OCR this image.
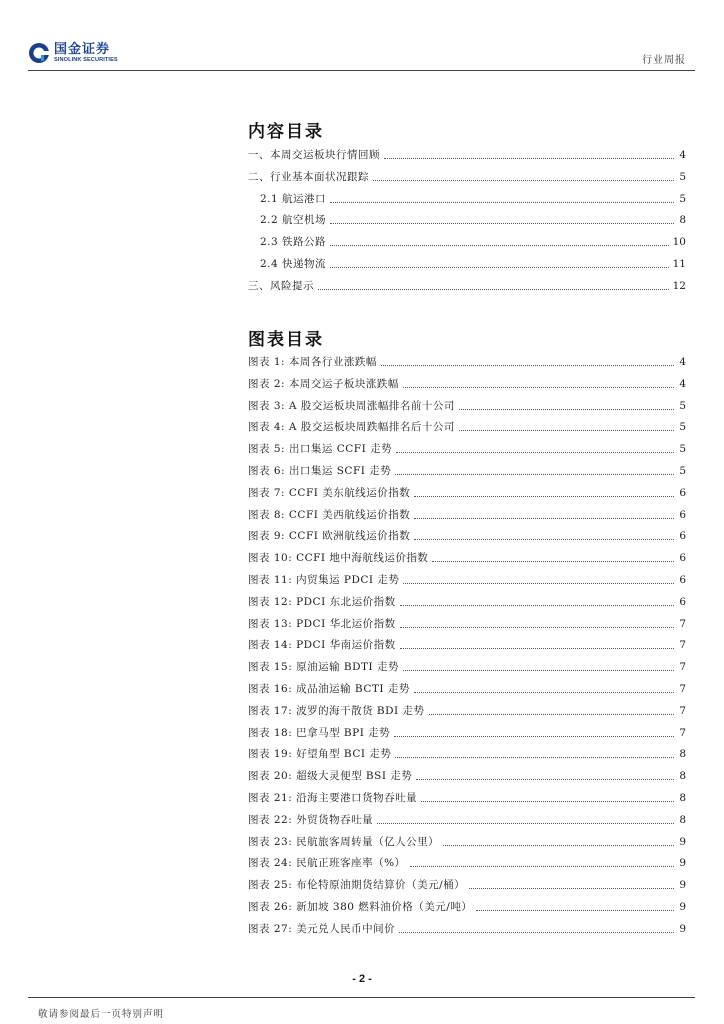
国金证券
SINOLINK SECURITIES	行业周报
内容目录
一、本周交运板块行情回顾	4
二、行业基本面状况跟踪	5
2.1 航运港口	5
2.2 航空机场	8
2.3 铁路公路	10
2.4 快递物流	11
三、风险提示	12
图表目录
图表 1: 本周各行业涨跌幅	4
图表 2: 本周交运子板块涨跌幅	4
图表 3: A 股交运板块周涨幅排名前十公司	5
图表 4: A 股交运板块周跌幅排名后十公司	5
图表 5: 出口集运 CCFI 走势	5
图表 6: 出口集运 SCFI 走势	5
图表 7: CCFI 美东航线运价指数	6
图表 8: CCFI 美西航线运价指数	6
图表 9: CCFI 欧洲航线运价指数	6
图表 10: CCFI 地中海航线运价指数	6
图表 11: 内贸集运 PDCI 走势	6
图表 12: PDCI 东北运价指数	6
图表 13: PDCI 华北运价指数	7
图表 14: PDCI 华南运价指数	7
图表 15: 原油运输 BDTI 走势	7
图表 16: 成品油运输 BCTI 走势	7
图表 17: 波罗的海干散货 BDI 走势	7
图表 18: 巴拿马型 BPI 走势	7
图表 19: 好望角型 BCI 走势	8
图表 20: 超级大灵便型 BSI 走势	8
图表 21: 沿海主要港口货物吞吐量	8
图表 22: 外贸货物吞吐量	8
图表 23: 民航旅客周转量（亿人公里）	9
图表 24: 民航正班客座率（%）	9
图表 25: 布伦特原油期货结算价（美元/桶）	9
图表 26: 新加坡 380 燃料油价格（美元/吨）	9
图表 27: 美元兑人民币中间价	9
- 2 -
敬请参阅最后一页特别声明
